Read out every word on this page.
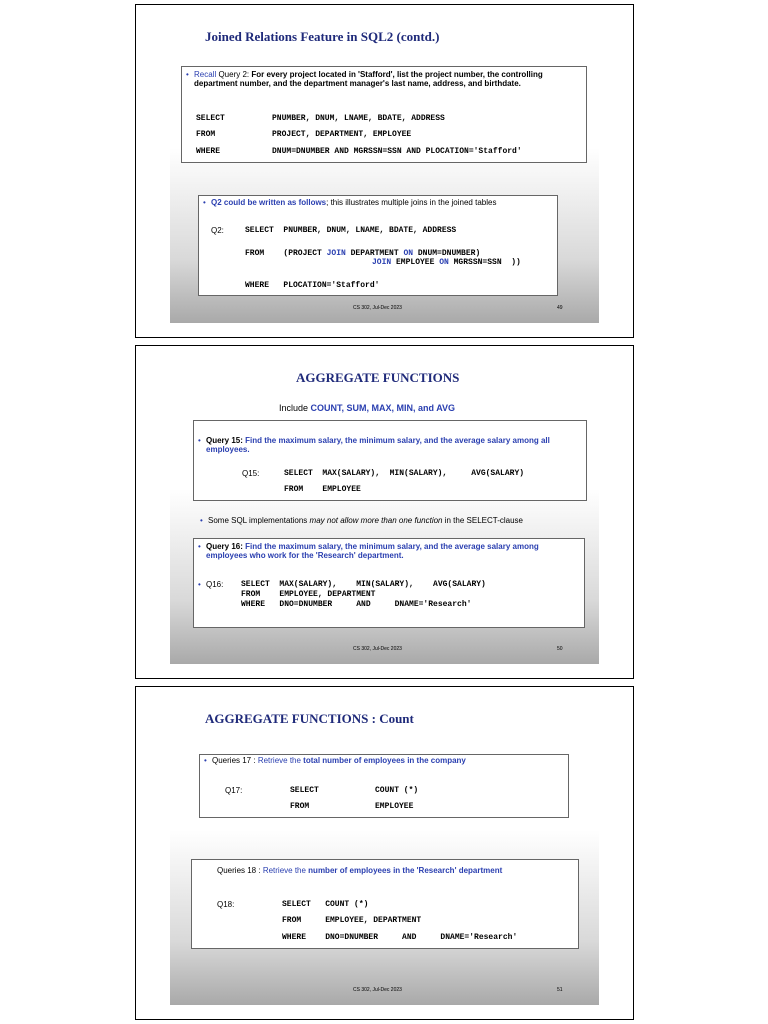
Joined Relations Feature in SQL2 (contd.)
• Recall Query 2: For every project located in 'Stafford', list the project number, the controlling
department number, and the department manager's last name, address, and birthdate.
SELECT	PNUMBER, DNUM, LNAME, BDATE, ADDRESS
FROM	PROJECT, DEPARTMENT, EMPLOYEE
WHERE	DNUM=DNUMBER AND MGRSSN=SSN AND PLOCATION='Stafford'
• Q2 could be written as follows; this illustrates multiple joins in the joined tables
Q2:	SELECT  PNUMBER, DNUM, LNAME, BDATE, ADDRESS
FROM    (PROJECT JOIN DEPARTMENT ON DNUM=DNUMBER)
JOIN EMPLOYEE ON MGRSSN=SSN  ))
WHERE   PLOCATION='Stafford'
CS 302, Jul-Dec 2023	49
AGGREGATE FUNCTIONS
Include COUNT, SUM, MAX, MIN, and AVG
• Query 15: Find the maximum salary, the minimum salary, and the average salary among all
employees.
Q15:	SELECT  MAX(SALARY),  MIN(SALARY),     AVG(SALARY)
FROM    EMPLOYEE
• Some SQL implementations may not allow more than one function in the SELECT-clause
• Query 16: Find the maximum salary, the minimum salary, and the average salary among
employees who work for the 'Research' department.
• Q16: SELECT  MAX(SALARY),    MIN(SALARY),    AVG(SALARY)
FROM    EMPLOYEE, DEPARTMENT
WHERE   DNO=DNUMBER     AND     DNAME='Research'
CS 302, Jul-Dec 2023	50
AGGREGATE FUNCTIONS : Count
• Queries 17 : Retrieve the total number of employees in the company
Q17:	SELECT	COUNT (*)
FROM	EMPLOYEE
Queries 18 : Retrieve the number of employees in the 'Research' department
Q18:	SELECT   COUNT (*)
FROM     EMPLOYEE, DEPARTMENT
WHERE    DNO=DNUMBER     AND     DNAME='Research'
CS 302, Jul-Dec 2023	51
